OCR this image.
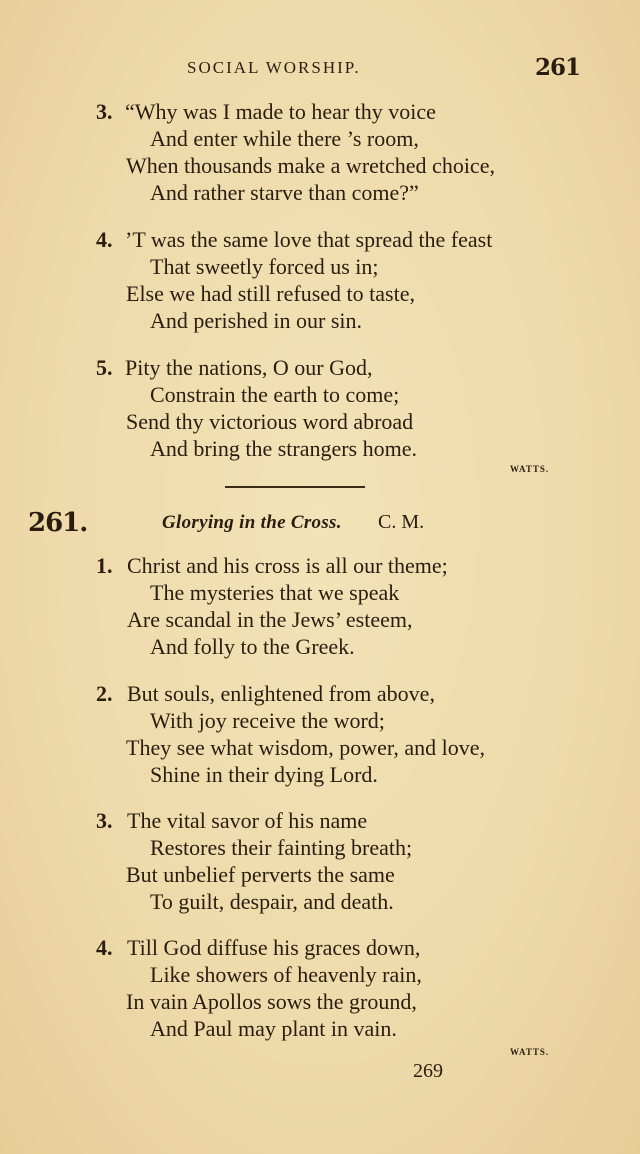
SOCIAL WORSHIP.	261
3. “Why was I made to hear thy voice
And enter while there ’s room,
When thousands make a wretched choice,
And rather starve than come?”
4. ’T was the same love that spread the feast
That sweetly forced us in;
Else we had still refused to taste,
And perished in our sin.
5. Pity the nations, O our God,
Constrain the earth to come;
Send thy victorious word abroad
And bring the strangers home.
WATTS.
261.	Glorying in the Cross. C. M.
1. Christ and his cross is all our theme;
The mysteries that we speak
Are scandal in the Jews’ esteem,
And folly to the Greek.
2. But souls, enlightened from above,
With joy receive the word;
They see what wisdom, power, and love,
Shine in their dying Lord.
3. The vital savor of his name
Restores their fainting breath;
But unbelief perverts the same
To guilt, despair, and death.
4. Till God diffuse his graces down,
Like showers of heavenly rain,
In vain Apollos sows the ground,
And Paul may plant in vain.
WATTS.
269
